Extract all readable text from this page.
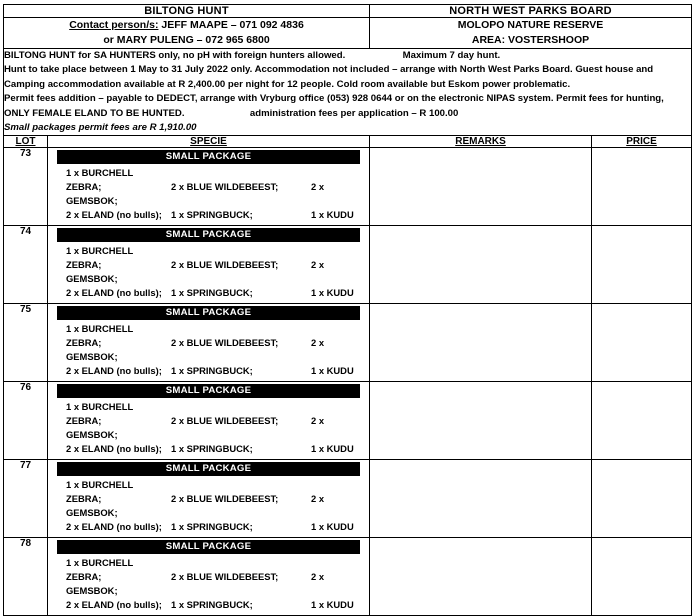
BILTONG HUNT		NORTH WEST PARKS BOARD	

Contact person/s: JEFF MAAPE – 071 092 4836
or MARY PULENG – 072 965 6800

MOLOPO NATURE RESERVE
AREA: VOSTERSHOOP

BILTONG HUNT for SA HUNTERS only, no pH with foreign hunters allowed.	Maximum 7 day hunt.

Hunt to take place between 1 May to 31 July 2022 only. Accommodation not included – arrange with North West Parks Board. Guest house and

Camping accommodation available at R 2,400.00 per night for 12 people. Cold room available but Eskom power problematic.

Permit fees addition – payable to DEDECT, arrange with Vryburg office (053) 928 0644 or on the electronic NIPAS system. Permit fees for hunting,

ONLY FEMALE ELAND TO BE HUNTED.	administration fees per application – R 100.00

Small packages permit fees are R 1,910.00

LOT	SPECIE	REMARKS	PRICE
73	SMALL PACKAGE
1 x BURCHELL ZEBRA; 2 x BLUE WILDEBEEST; 2 x GEMSBOK;
2 x ELAND (no bulls); 1 x SPRINGBUCK; 1 x KUDU		

74	SMALL PACKAGE
1 x BURCHELL ZEBRA; 2 x BLUE WILDEBEEST; 2 x GEMSBOK;
2 x ELAND (no bulls); 1 x SPRINGBUCK; 1 x KUDU		

75	SMALL PACKAGE
1 x BURCHELL ZEBRA; 2 x BLUE WILDEBEEST; 2 x GEMSBOK;
2 x ELAND (no bulls); 1 x SPRINGBUCK; 1 x KUDU		

76	SMALL PACKAGE
1 x BURCHELL ZEBRA; 2 x BLUE WILDEBEEST; 2 x GEMSBOK;
2 x ELAND (no bulls); 1 x SPRINGBUCK; 1 x KUDU		

77	SMALL PACKAGE
1 x BURCHELL ZEBRA; 2 x BLUE WILDEBEEST; 2 x GEMSBOK;
2 x ELAND (no bulls); 1 x SPRINGBUCK; 1 x KUDU		

78	SMALL PACKAGE
1 x BURCHELL ZEBRA; 2 x BLUE WILDEBEEST; 2 x GEMSBOK;
2 x ELAND (no bulls); 1 x SPRINGBUCK; 1 x KUDU		
